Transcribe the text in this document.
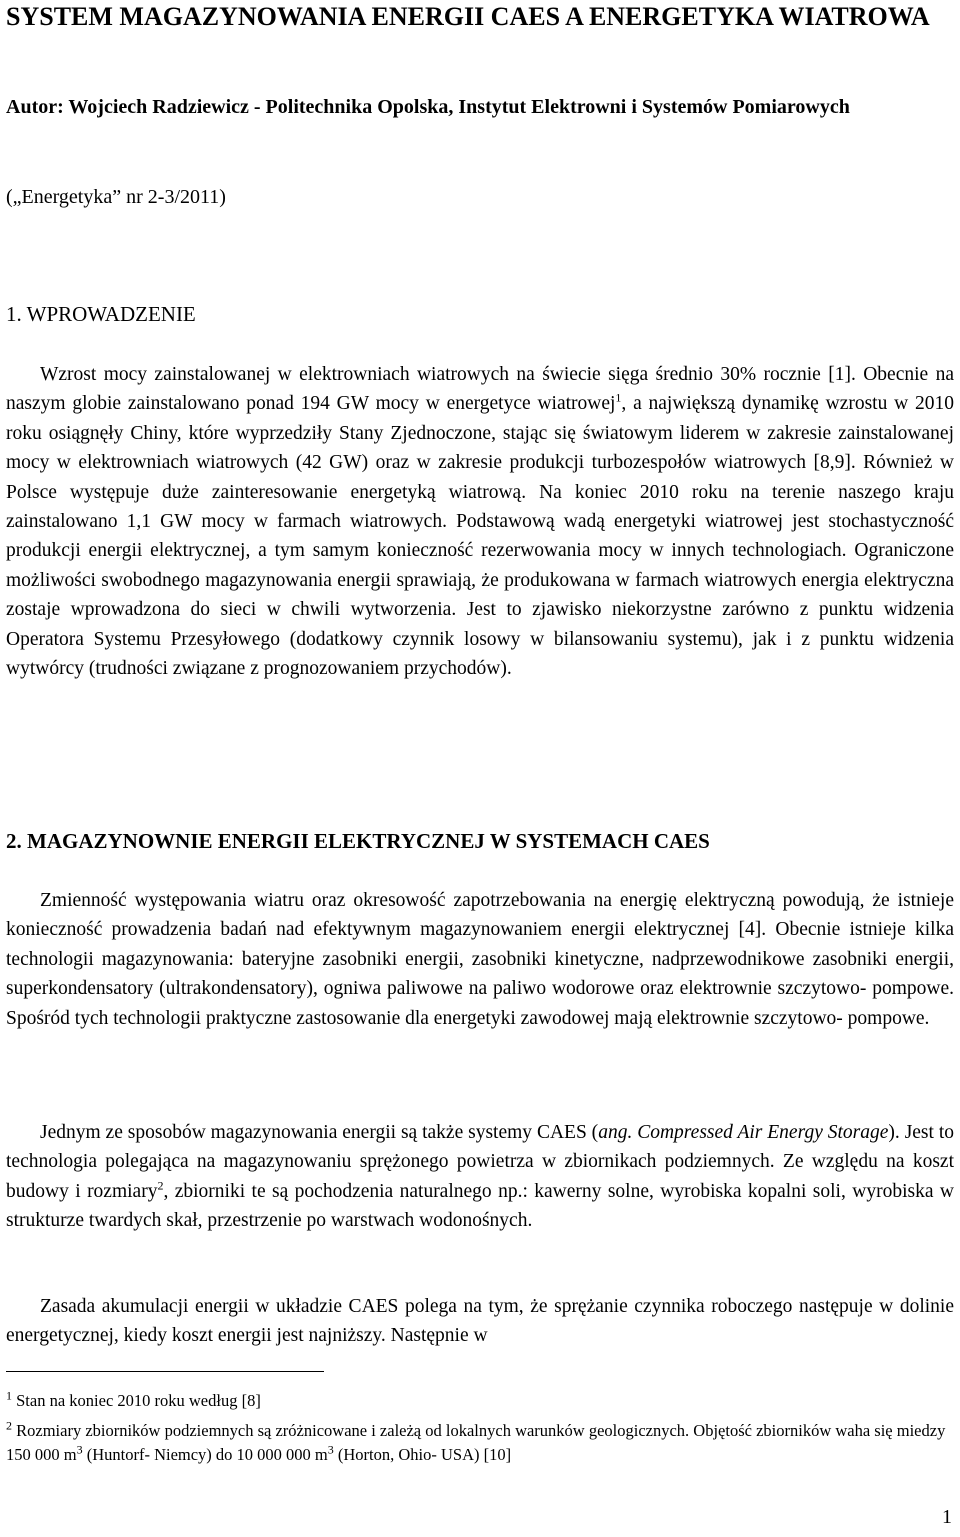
SYSTEM MAGAZYNOWANIA ENERGII CAES A ENERGETYKA WIATROWA

Autor: Wojciech Radziewicz - Politechnika Opolska, Instytut Elektrowni i Systemów Pomiarowych

(„Energetyka” nr 2-3/2011)

1. WPROWADZENIE

Wzrost mocy zainstalowanej w elektrowniach wiatrowych na świecie sięga średnio 30% rocznie [1]. Obecnie na naszym globie zainstalowano ponad 194 GW mocy w energetyce wiatrowej$^1$, a największą dynamikę wzrostu w 2010 roku osiągnęły Chiny, które wyprzedziły Stany Zjednoczone, stając się światowym liderem w zakresie zainstalowanej mocy w elektrowniach wiatrowych (42 GW) oraz w zakresie produkcji turbozespołów wiatrowych [8,9]. Również w Polsce występuje duże zainteresowanie energetyką wiatrową. Na koniec 2010 roku na terenie naszego kraju zainstalowano 1,1 GW mocy w farmach wiatrowych. Podstawową wadą energetyki wiatrowej jest stochastyczność produkcji energii elektrycznej, a tym samym konieczność rezerwowania mocy w innych technologiach. Ograniczone możliwości swobodnego magazynowania energii sprawiają, że produkowana w farmach wiatrowych energia elektryczna zostaje wprowadzona do sieci w chwili wytworzenia. Jest to zjawisko niekorzystne zarówno z punktu widzenia Operatora Systemu Przesyłowego (dodatkowy czynnik losowy w bilansowaniu systemu), jak i z punktu widzenia wytwórcy (trudności związane z prognozowaniem przychodów).

2. MAGAZYNOWNIE ENERGII ELEKTRYCZNEJ W SYSTEMACH CAES

Zmienność występowania wiatru oraz okresowość zapotrzebowania na energię elektryczną powodują, że istnieje konieczność prowadzenia badań nad efektywnym magazynowaniem energii elektrycznej [4]. Obecnie istnieje kilka technologii magazynowania: bateryjne zasobniki energii, zasobniki kinetyczne, nadprzewodnikowe zasobniki energii, superkondensatory (ultrakondensatory), ogniwa paliwowe na paliwo wodorowe oraz elektrownie szczytowo- pompowe. Spośród tych technologii praktyczne zastosowanie dla energetyki zawodowej mają elektrownie szczytowo- pompowe.

Jednym ze sposobów magazynowania energii są także systemy CAES (ang. Compressed Air Energy Storage). Jest to technologia polegająca na magazynowaniu sprężonego powietrza w zbiornikach podziemnych. Ze względu na koszt budowy i rozmiary$^2$, zbiorniki te są pochodzenia naturalnego np.: kawerny solne, wyrobiska kopalni soli, wyrobiska w strukturze twardych skał, przestrzenie po warstwach wodonośnych.

Zasada akumulacji energii w układzie CAES polega na tym, że sprężanie czynnika roboczego następuje w dolinie energetycznej, kiedy koszt energii jest najniższy. Następnie w

$^1$ Stan na koniec 2010 roku według [8]

$^2$ Rozmiary zbiorników podziemnych są zróżnicowane i zależą od lokalnych warunków geologicznych. Objętość zbiorników waha się miedzy 150 000 $m^3$ (Huntorf- Niemcy) do 10 000 000 $m^3$ (Horton, Ohio- USA) [10]

1
